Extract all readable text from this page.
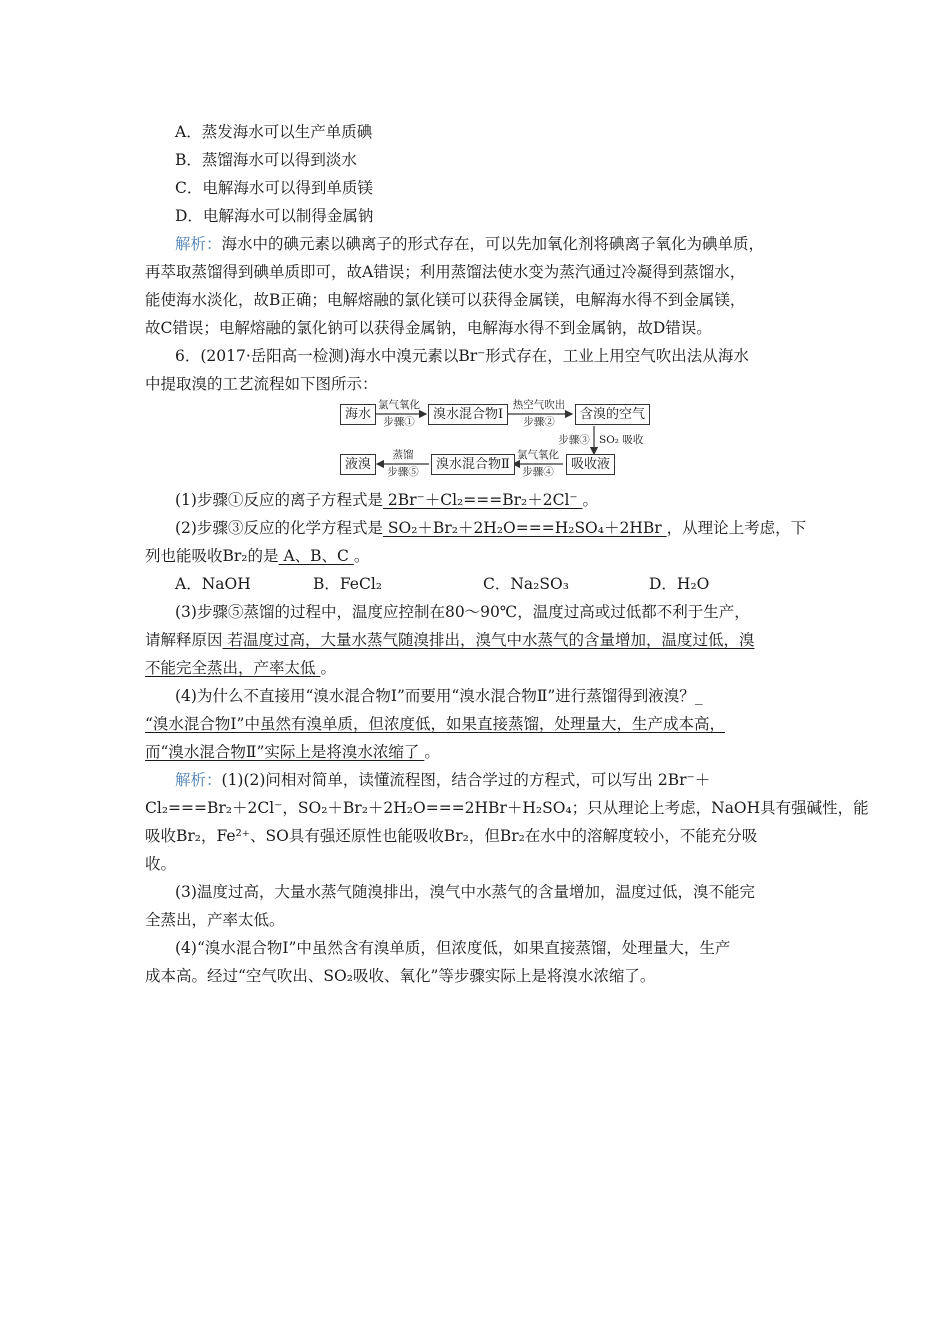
A．蒸发海水可以生产单质碘
B．蒸馏海水可以得到淡水
C．电解海水可以得到单质镁
D．电解海水可以制得金属钠
解析：海水中的碘元素以碘离子的形式存在，可以先加氧化剂将碘离子氧化为碘单质，
再萃取蒸馏得到碘单质即可，故A错误；利用蒸馏法使水变为蒸汽通过冷凝得到蒸馏水，
能使海水淡化，故B正确；电解熔融的氯化镁可以获得金属镁，电解海水得不到金属镁，
故C错误；电解熔融的氯化钠可以获得金属钠，电解海水得不到金属钠，故D错误。
6．(2017·岳阳高一检测)海水中溴元素以Br⁻形式存在，工业上用空气吹出法从海水
中提取溴的工艺流程如下图所示：
海水	溴水混合物Ⅰ	含溴的空气
吸收液
溴水混合物Ⅱ
液溴
氯气氧化
步骤①
热空气吹出
步骤②
步骤③ SO₂ 吸收
氯气氧化
步骤④
蒸馏
步骤⑤
(1)步骤①反应的离子方程式是 2Br⁻＋Cl₂===Br₂＋2Cl⁻ 。
(2)步骤③反应的化学方程式是 SO₂＋Br₂＋2H₂O===H₂SO₄＋2HBr ，从理论上考虑，下
列也能吸收Br₂的是 A、B、C 。
A．NaOH	B．FeCl₂	C．Na₂SO₃	D．H₂O
(3)步骤⑤蒸馏的过程中，温度应控制在80～90℃，温度过高或过低都不利于生产，
请解释原因 若温度过高，大量水蒸气随溴排出，溴气中水蒸气的含量增加，温度过低，溴
不能完全蒸出，产率太低 。
(4)为什么不直接用“溴水混合物Ⅰ”而要用“溴水混合物Ⅱ”进行蒸馏得到液溴？_
“溴水混合物Ⅰ”中虽然有溴单质，但浓度低，如果直接蒸馏，处理量大，生产成本高，
而“溴水混合物Ⅱ”实际上是将溴水浓缩了 。
解析：(1)(2)问相对简单，读懂流程图，结合学过的方程式，可以写出 2Br⁻＋
Cl₂===Br₂＋2Cl⁻，SO₂＋Br₂＋2H₂O===2HBr＋H₂SO₄；只从理论上考虑，NaOH具有强碱性，能
吸收Br₂，Fe²⁺、SO具有强还原性也能吸收Br₂，但Br₂在水中的溶解度较小，不能充分吸
收。
(3)温度过高，大量水蒸气随溴排出，溴气中水蒸气的含量增加，温度过低，溴不能完
全蒸出，产率太低。
(4)“溴水混合物Ⅰ”中虽然含有溴单质，但浓度低，如果直接蒸馏，处理量大，生产
成本高。经过“空气吹出、SO₂吸收、氧化”等步骤实际上是将溴水浓缩了。
